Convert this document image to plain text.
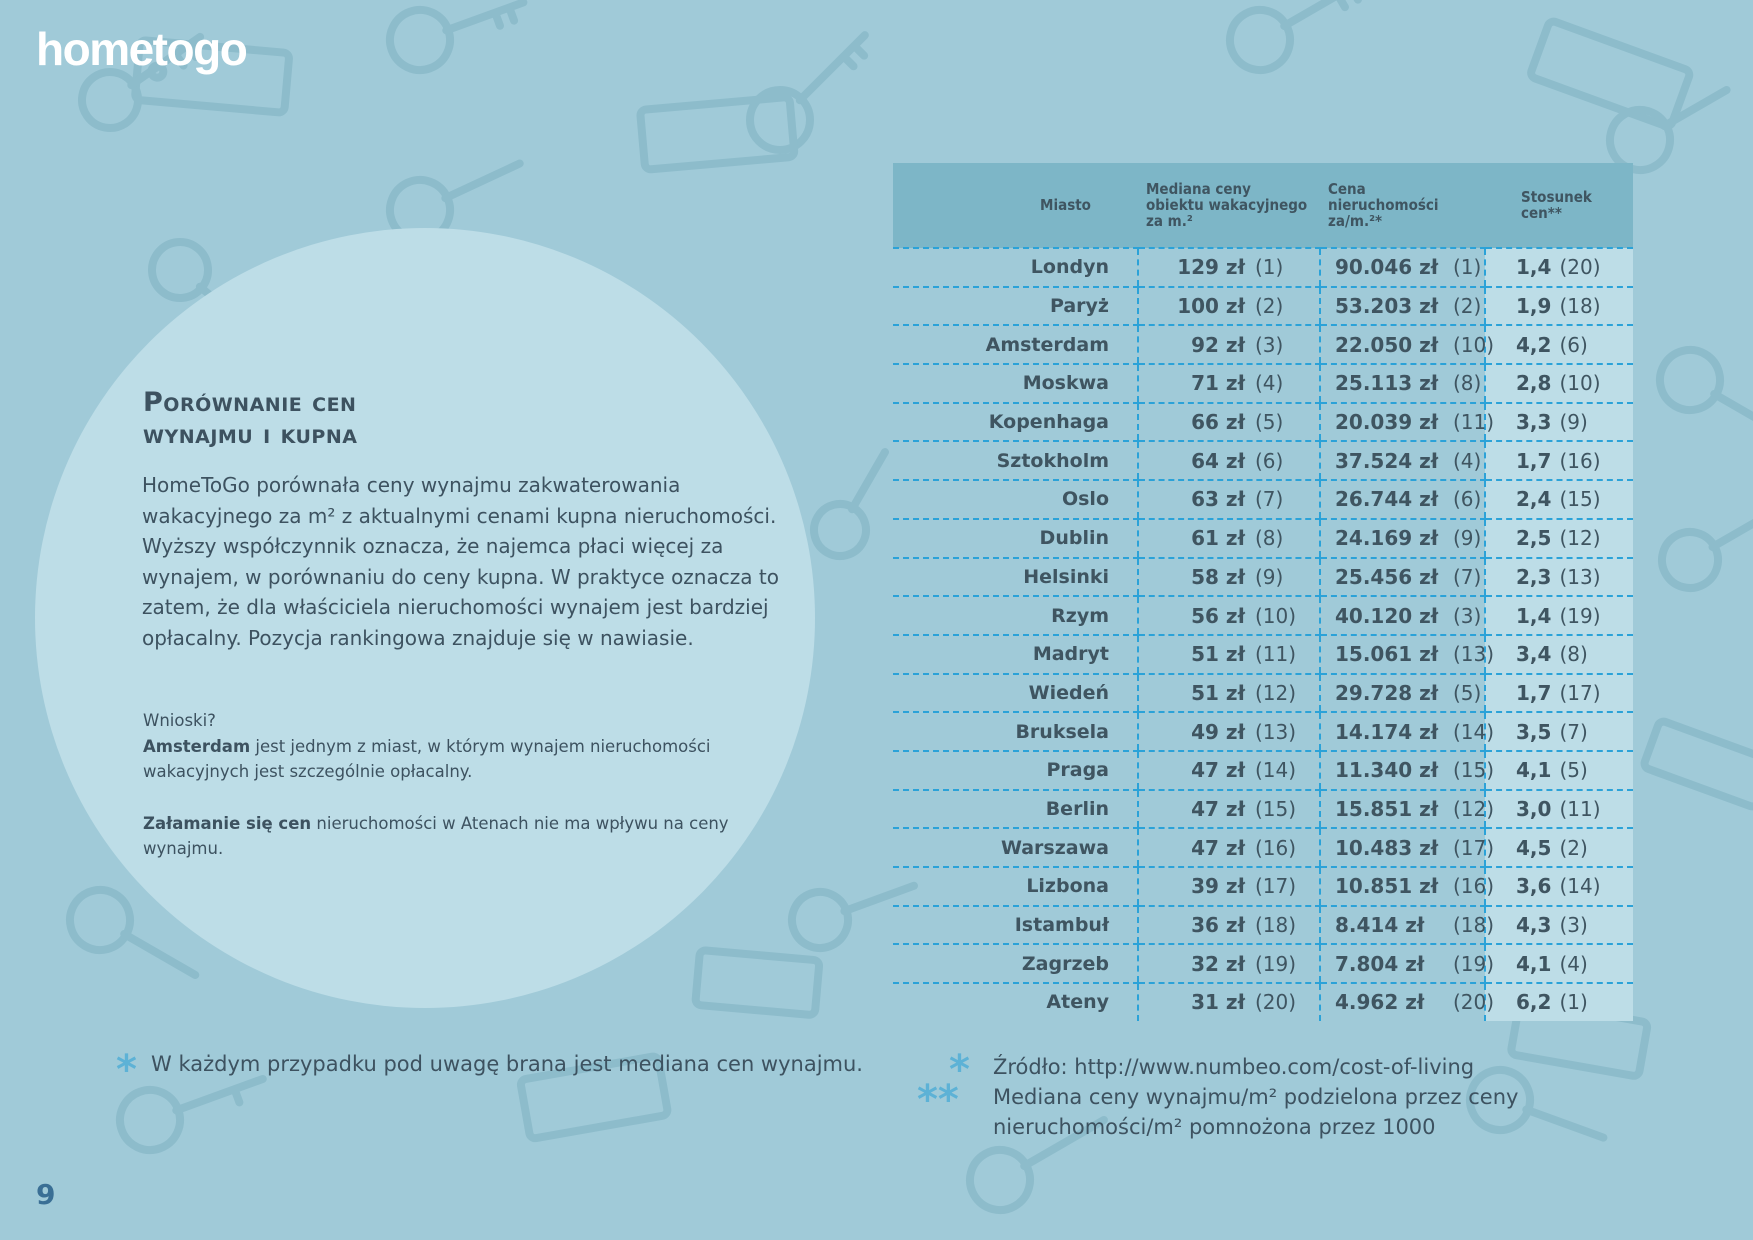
hometogo
Porównanie cen
wynajmu i kupna
HomeToGo porównała ceny wynajmu zakwaterowania wakacyjnego za m² z aktualnymi cenami kupna nieruchomości. Wyższy współczynnik oznacza, że najemca płaci więcej za wynajem, w porównaniu do ceny kupna. W praktyce oznacza to zatem, że dla właściciela nieruchomości wynajem jest bardziej opłacalny. Pozycja rankingowa znajduje się w nawiasie.

Wnioski?

Amsterdam jest jednym z miast, w którym wynajem nieruchomości wakacyjnych jest szczególnie opłacalny.

Załamanie się cen nieruchomości w Atenach nie ma wpływu na ceny wynajmu.

Miasto	Mediana ceny obiektu wakacyjnego za m.²	Cena nieruchomości za/m.²*	Stosunek cen**
Londyn	129 zł (1)	90.046 zł (1)	1,4 (20)
Paryż	100 zł (2)	53.203 zł (2)	1,9 (18)
Amsterdam	92 zł (3)	22.050 zł (10)	4,2 (6)
Moskwa	71 zł (4)	25.113 zł (8)	2,8 (10)
Kopenhaga	66 zł (5)	20.039 zł (11)	3,3 (9)
Sztokholm	64 zł (6)	37.524 zł (4)	1,7 (16)
Oslo	63 zł (7)	26.744 zł (6)	2,4 (15)
Dublin	61 zł (8)	24.169 zł (9)	2,5 (12)
Helsinki	58 zł (9)	25.456 zł (7)	2,3 (13)
Rzym	56 zł (10)	40.120 zł (3)	1,4 (19)
Madryt	51 zł (11)	15.061 zł (13)	3,4 (8)
Wiedeń	51 zł (12)	29.728 zł (5)	1,7 (17)
Bruksela	49 zł (13)	14.174 zł (14)	3,5 (7)
Praga	47 zł (14)	11.340 zł (15)	4,1 (5)
Berlin	47 zł (15)	15.851 zł (12)	3,0 (11)
Warszawa	47 zł (16)	10.483 zł (17)	4,5 (2)
Lizbona	39 zł (17)	10.851 zł (16)	3,6 (14)
Istambuł	36 zł (18)	8.414 zł (18)	4,3 (3)
Zagrzeb	32 zł (19)	7.804 zł (19)	4,1 (4)
Ateny	31 zł (20)	4.962 zł (20)	6,2 (1)
* W każdym przypadku pod uwagę brana jest mediana cen wynajmu. *
**
Źródło: http://www.numbeo.com/cost-of-living
Mediana ceny wynajmu/m² podzielona przez ceny
nieruchomości/m² pomnożona przez 1000
9
